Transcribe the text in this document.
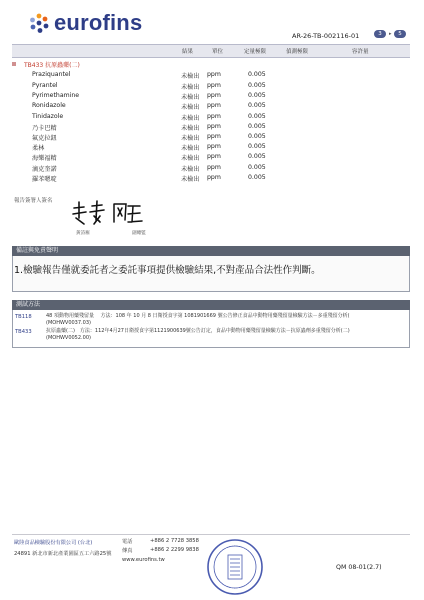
eurofins
AR-26-TB-002116-01	3	▸	5
結果	單位	定量極限	偵測極限	容許量
TB433 抗原蟲藥(二)
Praziquantel	未檢出 ppm	0.005
Pyrantel	未檢出 ppm	0.005
Pyrimethamine	未檢出 ppm	0.005
Ronidazole	未檢出 ppm	0.005
Tinidazole	未檢出 ppm	0.005
乃卡巴精	未檢出 ppm	0.005
氟克拉鈕	未檢出 ppm	0.005
柔林	未檢出 ppm	0.005
海樂福精	未檢出 ppm	0.005
滴克奎諾	未檢出 ppm	0.005
羅苯嗯啶	未檢出 ppm	0.005
報告簽署人簽名
黃詩雁	副總監
備註與免責聲明
1.檢驗報告僅就委託者之委託事項提供檢驗結果,不對產品合法性作判斷。
測試方法
TB118	48 項動物用藥殘留量　 方法：108 年 10 月 8 日衛授食字第 1081901669 號公告修正食品中動物用藥殘留量檢驗方法－多重殘留分析(
(MOHWV0037.03)
TB433	抗原蟲藥(二)　方法：112年4月27日衛授食字第1121900639號公告訂定，食品中動物用藥殘留量檢驗方法－抗原蟲劑多重殘留分析(二)
(MOHWV0052.00)
歐陸食品檢驗股份有限公司 (台北)
24891 新北市新北產業園區五工六路25號
電話	+886 2 7728 3858
傳真	+886 2 2299 9838
www.eurofins.tw
QM 08-01(2.7)
